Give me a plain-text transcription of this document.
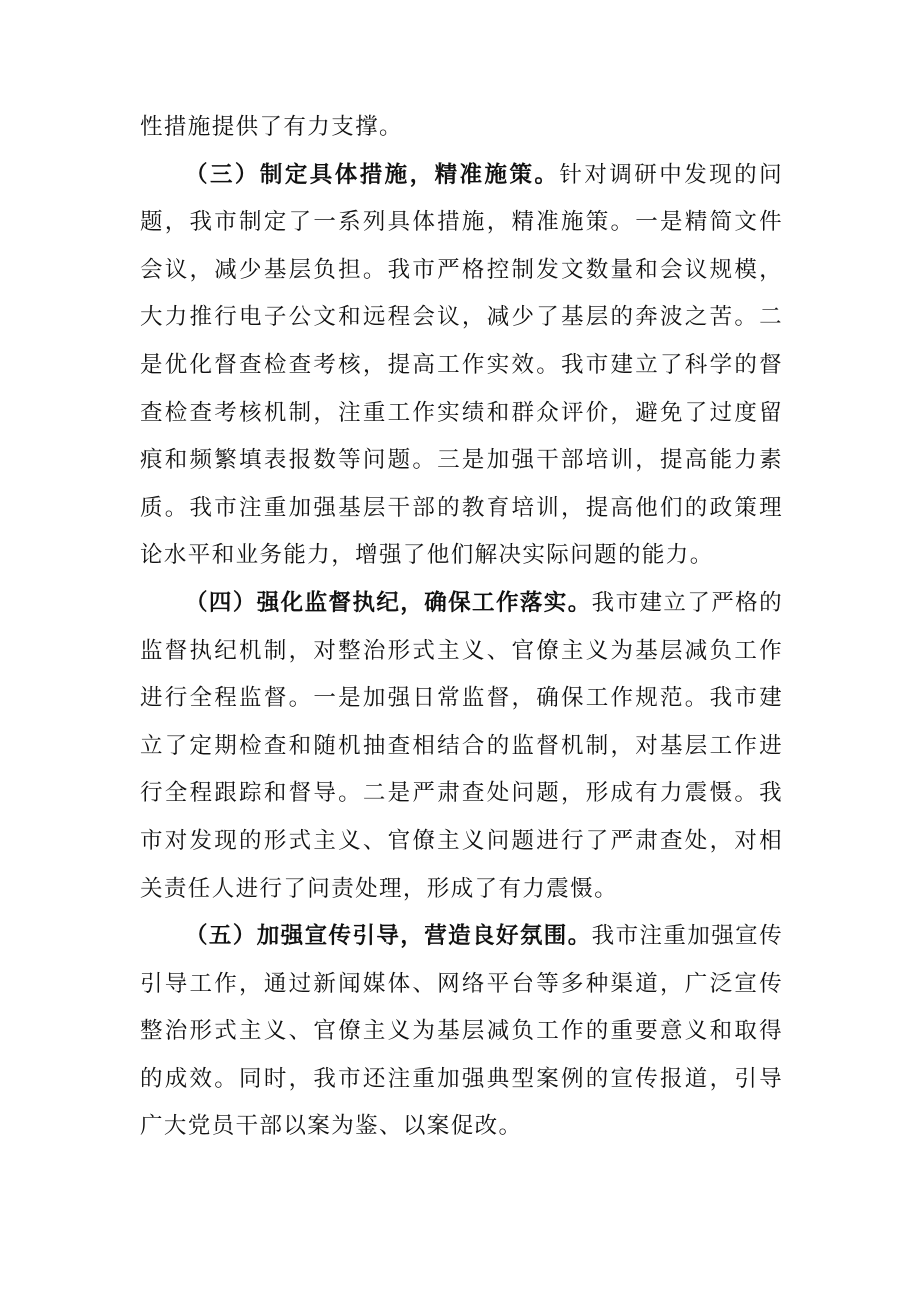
性措施提供了有力支撑。

（三）制定具体措施，精准施策。针对调研中发现的问题，我市制定了一系列具体措施，精准施策。一是精简文件会议，减少基层负担。我市严格控制发文数量和会议规模，大力推行电子公文和远程会议，减少了基层的奔波之苦。二是优化督查检查考核，提高工作实效。我市建立了科学的督查检查考核机制，注重工作实绩和群众评价，避免了过度留痕和频繁填表报数等问题。三是加强干部培训，提高能力素质。我市注重加强基层干部的教育培训，提高他们的政策理论水平和业务能力，增强了他们解决实际问题的能力。

（四）强化监督执纪，确保工作落实。我市建立了严格的监督执纪机制，对整治形式主义、官僚主义为基层减负工作进行全程监督。一是加强日常监督，确保工作规范。我市建立了定期检查和随机抽查相结合的监督机制，对基层工作进行全程跟踪和督导。二是严肃查处问题，形成有力震慑。我市对发现的形式主义、官僚主义问题进行了严肃查处，对相关责任人进行了问责处理，形成了有力震慑。

（五）加强宣传引导，营造良好氛围。我市注重加强宣传引导工作，通过新闻媒体、网络平台等多种渠道，广泛宣传整治形式主义、官僚主义为基层减负工作的重要意义和取得的成效。同时，我市还注重加强典型案例的宣传报道，引导广大党员干部以案为鉴、以案促改。
